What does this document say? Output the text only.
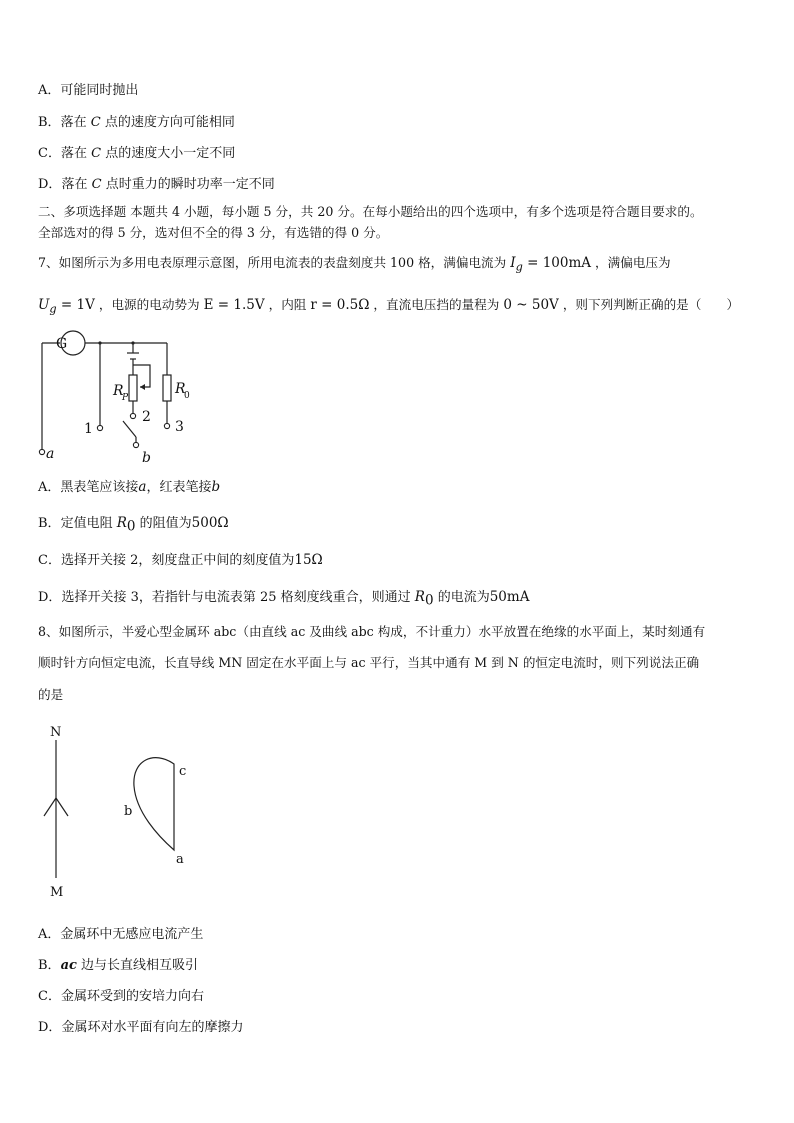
A．可能同时抛出
B．落在 C 点的速度方向可能相同
C．落在 C 点的速度大小一定不同
D．落在 C 点时重力的瞬时功率一定不同
二、多项选择题 本题共 4 小题，每小题 5 分，共 20 分。在每小题给出的四个选项中，有多个选项是符合题目要求的。
全部选对的得 5 分，选对但不全的得 3 分，有选错的得 0 分。
7、如图所示为多用电表原理示意图，所用电流表的表盘刻度共 100 格，满偏电流为 $I_g = 100mA$ ，满偏电压为
$U_g = 1V$ ，电源的电动势为 E = 1.5V ，内阻 r = 0.5Ω ，直流电压挡的量程为 0 ~ 50V ，则下列判断正确的是（　　）
G
R
P
R
0
1
2
3
a	b
A．黑表笔应该接a，红表笔接b
B．定值电阻 $R_0$ 的阻值为500Ω
C．选择开关接 2，刻度盘正中间的刻度值为15Ω
D．选择开关接 3，若指针与电流表第 25 格刻度线重合，则通过 $R_0$ 的电流为50mA
8、如图所示，半爱心型金属环 abc（由直线 ac 及曲线 abc 构成，不计重力）水平放置在绝缘的水平面上，某时刻通有
顺时针方向恒定电流，长直导线 MN 固定在水平面上与 ac 平行，当其中通有 M 到 N 的恒定电流时，则下列说法正确
的是
N
M
c
b
a
A．金属环中无感应电流产生
B．ac 边与长直线相互吸引
C．金属环受到的安培力向右
D．金属环对水平面有向左的摩擦力
